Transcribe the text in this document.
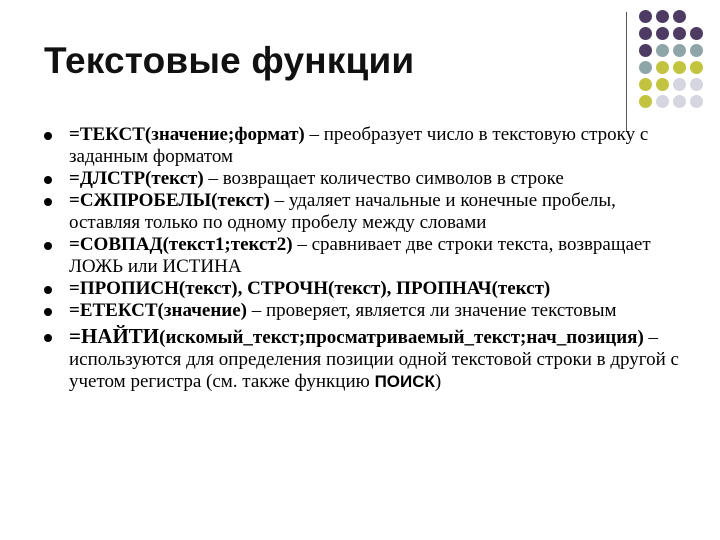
Текстовые функции
=ТЕКСТ(значение;формат) – преобразует число в текстовую строку с заданным форматом
=ДЛСТР(текст) – возвращает количество символов в строке
=СЖПРОБЕЛЫ(текст) – удаляет начальные и конечные пробелы, оставляя только по одному пробелу между словами
=СОВПАД(текст1;текст2) – сравнивает две строки текста, возвращает ЛОЖЬ или ИСТИНА
=ПРОПИСН(текст), СТРОЧН(текст), ПРОПНАЧ(текст)
=ЕТЕКСТ(значение) – проверяет, является ли значение текстовым
=НАЙТИ(искомый_текст;просматриваемый_текст;нач_позиция) – используются для определения позиции одной текстовой строки в другой с учетом регистра (см. также функцию ПОИСК)
